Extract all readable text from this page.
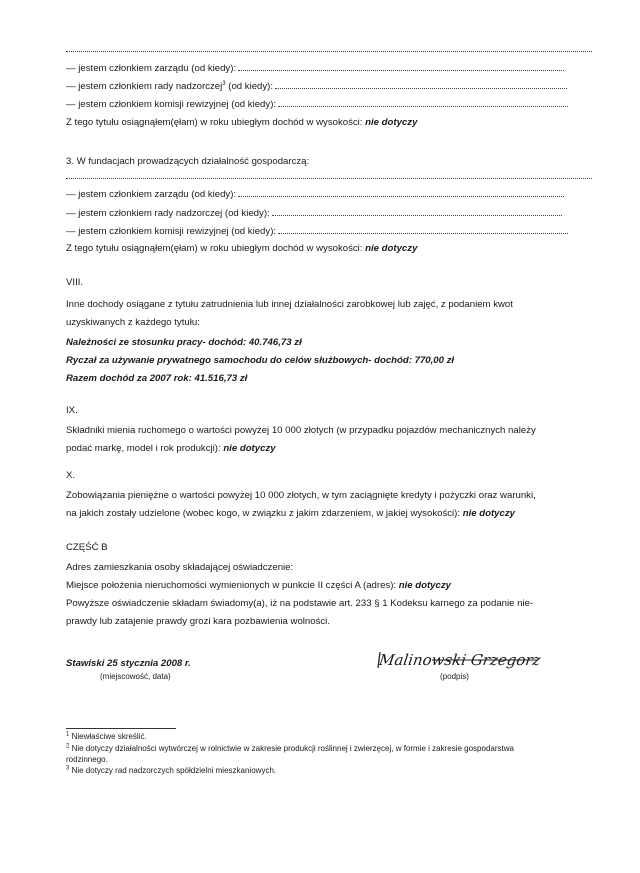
— jestem członkiem zarządu (od kiedy):
— jestem członkiem rady nadzorczej$^3$ (od kiedy):
— jestem członkiem komisji rewizyjnej (od kiedy):
Z tego tytułu osiągnąłem(ęłam) w roku ubiegłym dochód w wysokości: nie dotyczy
3. W fundacjach prowadzących działalność gospodarczą:
— jestem członkiem zarządu (od kiedy):
— jestem członkiem rady nadzorczej (od kiedy):
— jestem członkiem komisji rewizyjnej (od kiedy):
Z tego tytułu osiągnąłem(ęłam) w roku ubiegłym dochód w wysokości: nie dotyczy
VIII.
Inne dochody osiągane z tytułu zatrudnienia lub innej działalności zarobkowej lub zajęć, z podaniem kwot
uzyskiwanych z każdego tytułu:
Należności ze stosunku pracy- dochód: 40.746,73 zł
Ryczał za używanie prywatnego samochodu do celów służbowych- dochód: 770,00 zł
Razem dochód za 2007 rok: 41.516,73 zł
IX.
Składniki mienia ruchomego o wartości powyżej 10 000 złotych (w przypadku pojazdów mechanicznych należy
podać markę, model i rok produkcji): nie dotyczy
X.
Zobowiązania pieniężne o wartości powyżej 10 000 złotych, w tym zaciągnięte kredyty i pożyczki oraz warunki,
na jakich zostały udzielone (wobec kogo, w związku z jakim zdarzeniem, w jakiej wysokości): nie dotyczy
CZĘŚĆ B
Adres zamieszkania osoby składającej oświadczenie:
Miejsce położenia nieruchomości wymienionych w punkcie II części A (adres): nie dotyczy
Powyższe oświadczenie składam świadomy(a), iż na podstawie art. 233 § 1 Kodeksu karnego za podanie nie-
prawdy lub zatajenie prawdy grozi kara pozbawienia wolności.
Stawiski 25 stycznia 2008 r.
(miejscowość, data)
Malinowski Grzegorz
(podpis)
$^1$ Niewłaściwe skreślić.
$^2$ Nie dotyczy działalności wytwórczej w rolnictwie w zakresie produkcji roślinnej i zwierzęcej, w formie i zakresie gospodarstwa
rodzinnego.
$^3$ Nie dotyczy rad nadzorczych spółdzielni mieszkaniowych.
